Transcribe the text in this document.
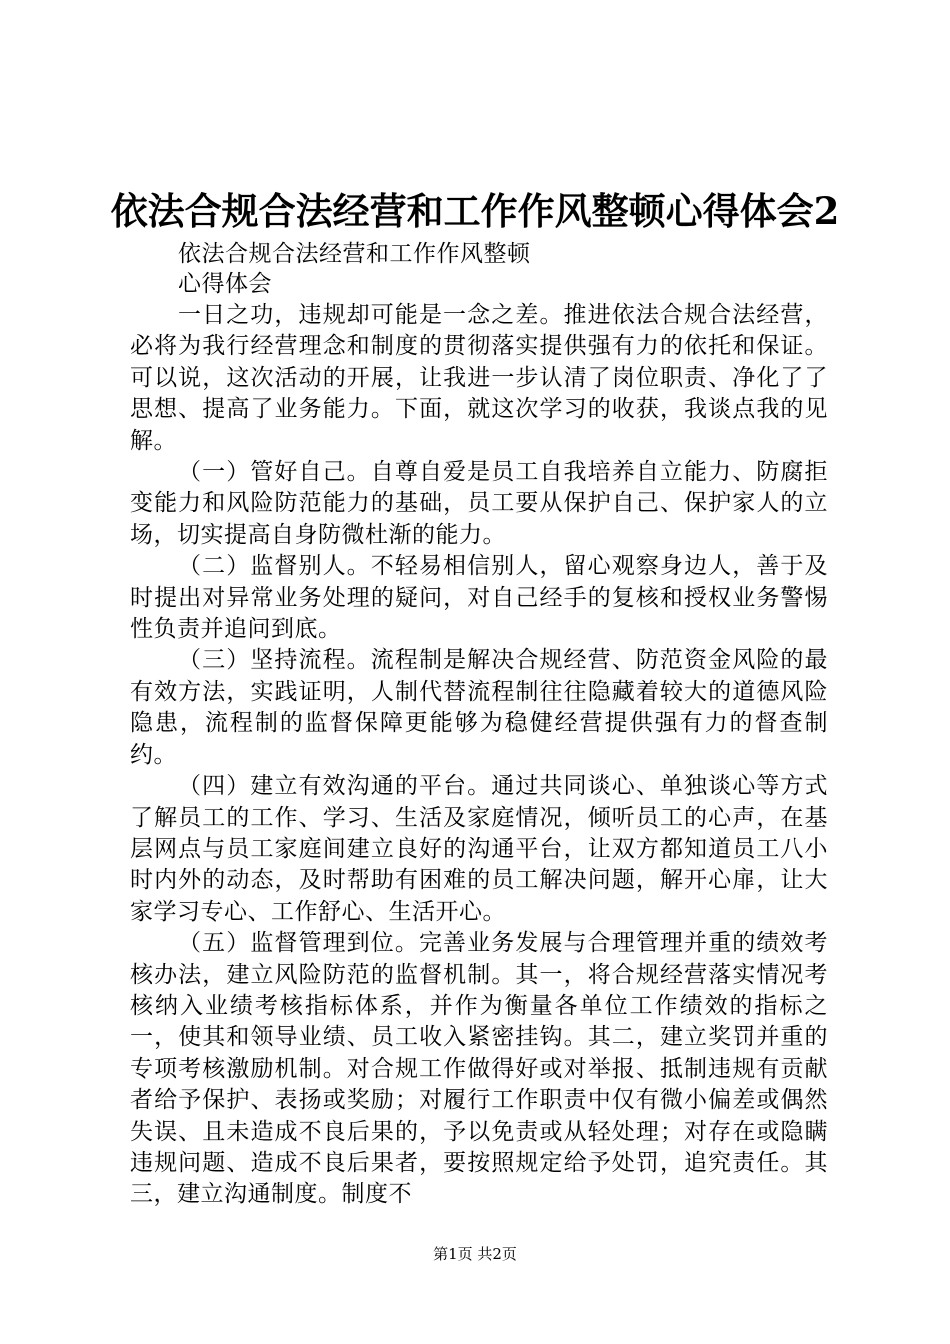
依法合规合法经营和工作作风整顿心得体会2
依法合规合法经营和工作作风整顿
心得体会

一日之功，违规却可能是一念之差。推进依法合规合法经营，必将为我行经营理念和制度的贯彻落实提供强有力的依托和保证。可以说，这次活动的开展，让我进一步认清了岗位职责、净化了了思想、提高了业务能力。下面，就这次学习的收获，我谈点我的见解。

（一）管好自己。自尊自爱是员工自我培养自立能力、防腐拒变能力和风险防范能力的基础，员工要从保护自己、保护家人的立场，切实提高自身防微杜渐的能力。

（二）监督别人。不轻易相信别人，留心观察身边人，善于及时提出对异常业务处理的疑问，对自己经手的复核和授权业务警惕性负责并追问到底。

（三）坚持流程。流程制是解决合规经营、防范资金风险的最有效方法，实践证明，人制代替流程制往往隐藏着较大的道德风险隐患，流程制的监督保障更能够为稳健经营提供强有力的督查制约。

（四）建立有效沟通的平台。通过共同谈心、单独谈心等方式了解员工的工作、学习、生活及家庭情况，倾听员工的心声，在基层网点与员工家庭间建立良好的沟通平台，让双方都知道员工八小时内外的动态，及时帮助有困难的员工解决问题，解开心扉，让大家学习专心、工作舒心、生活开心。

（五）监督管理到位。完善业务发展与合理管理并重的绩效考核办法，建立风险防范的监督机制。其一，将合规经营落实情况考核纳入业绩考核指标体系，并作为衡量各单位工作绩效的指标之一，使其和领导业绩、员工收入紧密挂钩。其二，建立奖罚并重的专项考核激励机制。对合规工作做得好或对举报、抵制违规有贡献者给予保护、表扬或奖励；对履行工作职责中仅有微小偏差或偶然失误、且未造成不良后果的，予以免责或从轻处理；对存在或隐瞒违规问题、造成不良后果者，要按照规定给予处罚，追究责任。其三，建立沟通制度。制度不

第1页 共2页
